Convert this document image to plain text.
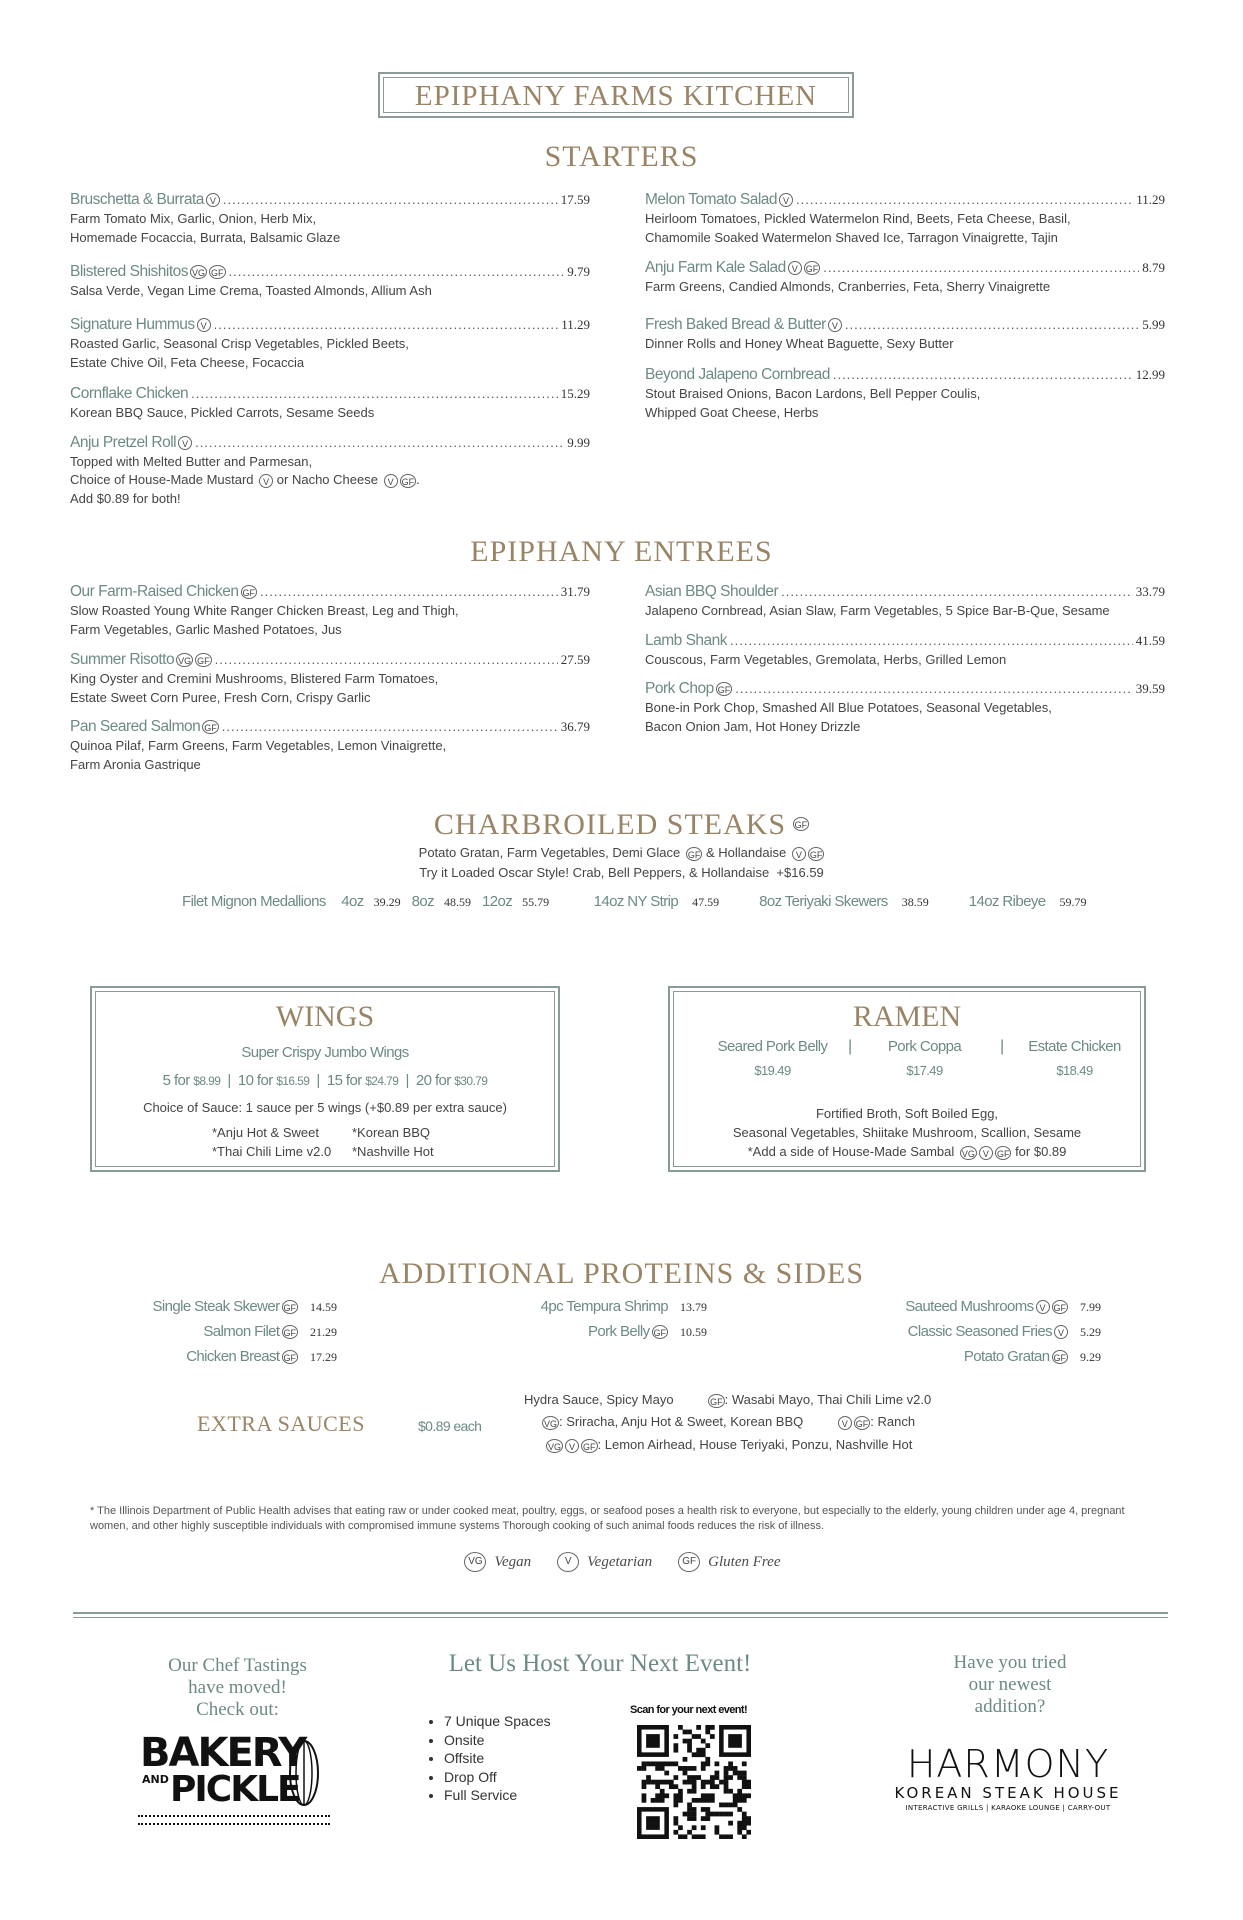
EPIPHANY FARMS KITCHEN
STARTERS
Bruschetta & Burrata V .....	17.59
Farm Tomato Mix, Garlic, Onion, Herb Mix,
Homemade Focaccia, Burrata, Balsamic Glaze
Blistered Shishitos VG GF .....	9.79
Salsa Verde, Vegan Lime Crema, Toasted Almonds, Allium Ash
Signature Hummus V .....	11.29
Roasted Garlic, Seasonal Crisp Vegetables, Pickled Beets,
Estate Chive Oil, Feta Cheese, Focaccia
Cornflake Chicken .....	15.29
Korean BBQ Sauce, Pickled Carrots, Sesame Seeds
Anju Pretzel Roll V .....	9.99
Topped with Melted Butter and Parmesan,
Melon Tomato Salad V .....	11.29
Heirloom Tomatoes, Pickled Watermelon Rind, Beets, Feta Cheese, Basil,
Chamomile Soaked Watermelon Shaved Ice, Tarragon Vinaigrette, Tajin
Anju Farm Kale Salad V GF .....	8.79
Farm Greens, Candied Almonds, Cranberries, Feta, Sherry Vinaigrette
Fresh Baked Bread & Butter V .....	5.99
Dinner Rolls and Honey Wheat Baguette, Sexy Butter
Beyond Jalapeno Cornbread .....	12.99
Stout Braised Onions, Bacon Lardons, Bell Pepper Coulis,
Whipped Goat Cheese, Herbs
Choice of House-Made Mustard V or Nacho Cheese V GF .
Add $0.89 for both!
EPIPHANY ENTREES
Our Farm-Raised Chicken GF .....	31.79
Slow Roasted Young White Ranger Chicken Breast, Leg and Thigh,
Farm Vegetables, Garlic Mashed Potatoes, Jus
Summer Risotto VG GF .....	27.59
King Oyster and Cremini Mushrooms, Blistered Farm Tomatoes,
Estate Sweet Corn Puree, Fresh Corn, Crispy Garlic
Pan Seared Salmon GF .....	36.79
Quinoa Pilaf, Farm Greens, Farm Vegetables, Lemon Vinaigrette,
Farm Aronia Gastrique
Asian BBQ Shoulder .....	33.79
Jalapeno Cornbread, Asian Slaw, Farm Vegetables, 5 Spice Bar-B-Que, Sesame
Lamb Shank .....	41.59
Couscous, Farm Vegetables, Gremolata, Herbs, Grilled Lemon
Pork Chop GF .....	39.59
Bone-in Pork Chop, Smashed All Blue Potatoes, Seasonal Vegetables,
Bacon Onion Jam, Hot Honey Drizzle
CHARBROILED STEAKS GF
Potato Gratan, Farm Vegetables, Demi Glace GF & Hollandaise V GF
Try it Loaded Oscar Style! Crab, Bell Peppers, & Hollandaise +$16.59
Filet Mignon Medallions 4oz 39.29 8oz 48.59 12oz 55.79	14oz NY Strip 47.59	8oz Teriyaki Skewers 38.59	14oz Ribeye 59.79
WINGS
Super Crispy Jumbo Wings
5 for $8.99  |  10 for $16.59  |  15 for $24.79  |  20 for $30.79
Choice of Sauce: 1 sauce per 5 wings (+$0.89 per extra sauce)
*Anju Hot & Sweet	*Korean BBQ
*Thai Chili Lime v2.0 *Nashville Hot
RAMEN
Seared Pork Belly
$19.49
|	Pork Coppa
$17.49
|	Estate Chicken
$18.49
Fortified Broth, Soft Boiled Egg,
Seasonal Vegetables, Shiitake Mushroom, Scallion, Sesame
*Add a side of House-Made Sambal VG V GF for $0.89
ADDITIONAL PROTEINS & SIDES
Single Steak Skewer GF 14.59
Salmon Filet GF 21.29
Chicken Breast GF 17.29
4pc Tempura Shrimp 13.79
Pork Belly GF 10.59
Sauteed Mushrooms V GF 7.99
Classic Seasoned Fries V 5.29
Potato Gratan GF 9.29
EXTRA SAUCES	$0.89 each
Hydra Sauce, Spicy Mayo	GF : Wasabi Mayo, Thai Chili Lime v2.0
VG : Sriracha, Anju Hot & Sweet, Korean BBQ	V GF : Ranch
VG V GF : Lemon Airhead, House Teriyaki, Ponzu, Nashville Hot
* The Illinois Department of Public Health advises that eating raw or under cooked meat, poultry, eggs, or seafood poses a health risk to everyone, but especially to the elderly, young children under age 4, pregnant women, and other highly susceptible individuals with compromised immune systems Thorough cooking of such animal foods reduces the risk of illness.
VG Vegan	V Vegetarian	GF Gluten Free
Our Chef Tastings
have moved!
Check out:
BAKERY
AND PICKLE
Let Us Host Your Next Event!
• 7 Unique Spaces
• Onsite
• Offsite
• Drop Off
• Full Service
Scan for your next event!
Have you tried
our newest
addition?
HARMONY
KOREAN STEAK HOUSE
INTERACTIVE GRILLS | KARAOKE LOUNGE | CARRY-OUT
